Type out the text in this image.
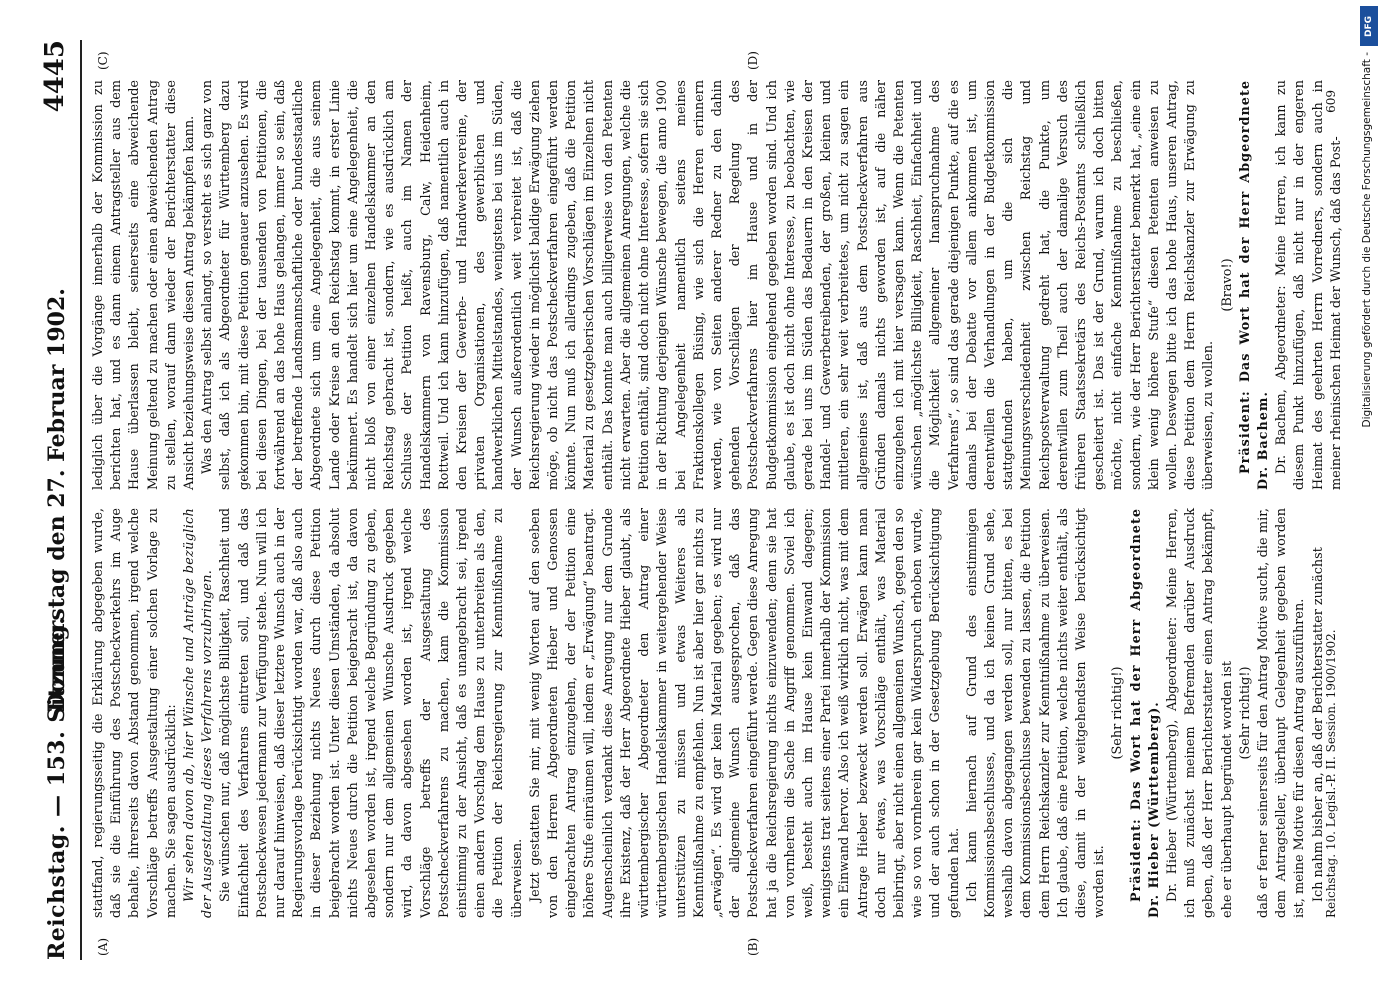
Reichstag. — 153. Sitzung.
Donnerstag den 27. Februar 1902.
4445
(A)	(B)
(C)	(D)

stattfand, regierungsseitig die Erklärung abgegeben wurde, daß sie die Einführung des Postscheckverkehrs im Auge behalte, ihrerseits davon Abstand genommen, irgend welche Vorschläge betreffs Ausgestaltung einer solchen Vorlage zu machen. Sie sagen ausdrücklich: Wir sehen davon ab, hier Wünsche und Anträge bezüglich der Ausgestaltung dieses Verfahrens vorzubringen. Sie wünschen nur, daß möglichste Billigkeit, Raschheit und Einfachheit des Verfahrens eintreten soll, und daß das Postscheckwesen jedermann zur Verfügung stehe. Nun will ich nur darauf hinweisen, daß dieser letztere Wunsch auch in der Regierungsvorlage berücksichtigt worden war, daß also auch in dieser Beziehung nichts Neues durch diese Petition beigebracht worden ist. Unter diesen Umständen, da absolut nichts Neues durch die Petition beigebracht ist, da davon abgesehen worden ist, irgend welche Begründung zu geben, sondern nur dem allgemeinen Wunsche Ausdruck gegeben wird, da davon abgesehen worden ist, irgend welche Vorschläge betreffs der Ausgestaltung des Postscheckverfahrens zu machen, kam die Kommission einstimmig zu der Ansicht, daß es unangebracht sei, irgend einen andern Vorschlag dem Hause zu unterbreiten als den, die Petition der Reichsregierung zur Kenntnißnahme zu überweisen. Jetzt gestatten Sie mir, mit wenig Worten auf den soeben von den Herren Abgeordneten Hieber und Genossen eingebrachten Antrag einzugehen, der der Petition eine höhere Stufe einräumen will, indem er „Erwägung“ beantragt. Augenscheinlich verdankt diese Anregung nur dem Grunde ihre Existenz, daß der Herr Abgeordnete Hieber glaubt, als württembergischer Abgeordneter den Antrag einer württembergischen Handelskammer in weitergehender Weise unterstützen zu müssen und etwas Weiteres als Kenntnißnahme zu empfehlen. Nun ist aber hier gar nichts zu „erwägen“. Es wird gar kein Material gegeben; es wird nur der allgemeine Wunsch ausgesprochen, daß das Postscheckverfahren eingeführt werde. Gegen diese Anregung hat ja die Reichsregierung nichts einzuwenden; denn sie hat von vornherein die Sache in Angriff genommen. Soviel ich weiß, besteht auch im Hause kein Einwand dagegen; wenigstens trat seitens einer Partei innerhalb der Kommission ein Einwand hervor. Also ich weiß wirklich nicht, was mit dem Antrage Hieber bezweckt werden soll. Erwägen kann man doch nur etwas, was Vorschläge enthält, was Material beibringt, aber nicht einen allgemeinen Wunsch, gegen den so wie so von vornherein gar kein Widerspruch erhoben wurde, und der auch schon in der Gesetzgebung Berücksichtigung gefunden hat. Ich kann hiernach auf Grund des einstimmigen Kommissionsbeschlusses, und da ich keinen Grund sehe, weshalb davon abgegangen werden soll, nur bitten, es bei dem Kommissionsbeschlusse bewenden zu lassen, die Petition dem Herrn Reichskanzler zur Kenntnißnahme zu überweisen. Ich glaube, daß eine Petition, welche nichts weiter enthält, als diese, damit in der weitgehendsten Weise berücksichtigt worden ist.

(Sehr richtig!) Präsident: Das Wort hat der Herr Abgeordnete Dr. Hieber (Württemberg). Dr. Hieber (Württemberg), Abgeordneter: Meine Herren, ich muß zunächst meinem Befremden darüber Ausdruck geben, daß der Herr Berichterstatter einen Antrag bekämpft, ehe er überhaupt begründet worden ist (Sehr richtig!) daß er ferner seinerseits für den Antrag Motive sucht, die mir, dem Antragsteller, überhaupt Gelegenheit gegeben worden ist, meine Motive für diesen Antrag auszuführen. Ich nahm bisher an, daß der Berichterstatter zunächst

lediglich über die Vorgänge innerhalb der Kommission zu berichten hat, und es dann einem Antragsteller aus dem Hause überlassen bleibt, seinerseits eine abweichende Meinung geltend zu machen oder einen abweichenden Antrag zu stellen, worauf dann wieder der Berichterstatter diese Ansicht beziehungsweise diesen Antrag bekämpfen kann. Was den Antrag selbst anlangt, so versteht es sich ganz von selbst, daß ich als Abgeordneter für Württemberg dazu gekommen bin, mit diese Petition genauer anzusehen. Es wird bei diesen Dingen, bei der tausenden von Petitionen, die fortwährend an das hohe Haus gelangen, immer so sein, daß der betreffende Landsmannschaftliche oder bundesstaatliche Abgeordnete sich um eine Angelegenheit, die aus seinem Lande oder Kreise an den Reichstag kommt, in erster Linie bekümmert. Es handelt sich hier um eine Angelegenheit, die nicht bloß von einer einzelnen Handelskammer an den Reichstag gebracht ist, sondern, wie es ausdrücklich am Schlusse der Petition heißt, auch im Namen der Handelskammern von Ravensburg, Calw, Heidenheim, Rottweil. Und ich kann hinzufügen, daß namentlich auch in den Kreisen der Gewerbe- und Handwerkervereine, der privaten Organisationen, des gewerblichen und handwerklichen Mittelstandes, wenigstens bei uns im Süden, der Wunsch außerordentlich weit verbreitet ist, daß die Reichsregierung wieder in möglichst baldige Erwägung ziehen möge, ob nicht das Postscheckverfahren eingeführt werden könnte. Nun muß ich allerdings zugeben, daß die Petition Material zu gesetzgeberischen Vorschlägen im Einzelnen nicht enthält. Das konnte man auch billigerweise von den Petenten nicht erwarten. Aber die allgemeinen Anregungen, welche die Petition enthält, sind doch nicht ohne Interesse, sofern sie sich in der Richtung derjenigen Wünsche bewegen, die anno 1900 bei Angelegenheit namentlich seitens meines Fraktionskollegen Büsing, wie sich die Herren erinnern werden, wie von Seiten anderer Redner zu den dahin gehenden Vorschlägen der Regelung des Postscheckverfahrens hier im Hause und in der Budgetkommission eingehend gegeben worden sind. Und ich glaube, es ist doch nicht ohne Interesse, zu beobachten, wie gerade bei uns im Süden das Bedauern in den Kreisen der Handel- und Gewerbetreibenden, der großen, kleinen und mittleren, ein sehr weit verbreitetes, um nicht zu sagen ein allgemeines ist, daß aus dem Postscheckverfahren aus Gründen damals nichts geworden ist, auf die näher einzugehen ich mit hier versagen kann. Wenn die Petenten wünschen „möglichste Billigkeit, Raschheit, Einfachheit und die Möglichkeit allgemeiner Inanspruchnahme des Verfahrens“, so sind das gerade diejenigen Punkte, auf die es damals bei der Debatte vor allem ankommen ist, um derentwillen die Verhandlungen in der Budgetkommission stattgefunden haben, um die sich die Meinungsverschiedenheit zwischen Reichstag und Reichspostverwaltung gedreht hat, die Punkte, um derentwillen zum Theil auch der damalige Versuch des früheren Staatssekretärs des Reichs-Postamts schließlich gescheitert ist. Das ist der Grund, warum ich doch bitten möchte, nicht einfache Kenntnißnahme zu beschließen, sondern, wie der Herr Berichterstatter bemerkt hat, „eine ein klein wenig höhere Stufe“ diesen Petenten anweisen zu wollen. Deswegen bitte ich das hohe Haus, unseren Antrag, diese Petition dem Herrn Reichskanzler zur Erwägung zu überweisen, zu wollen.

(Bravo!) Präsident: Das Wort hat der Herr Abgeordnete Dr. Bachem. Dr. Bachem, Abgeordneter: Meine Herren, ich kann zu diesem Punkt hinzufügen, daß nicht nur in der engeren Heimat des geehrten Herrn Vorredners, sondern auch in meiner rheinischen Heimat der Wunsch, daß das Post-

Reichstag. 10. Legisl.-P. II. Session. 1900/1902.
609
DFG
Digitalisierung gefördert durch die Deutsche Forschungsgemeinschaft -
